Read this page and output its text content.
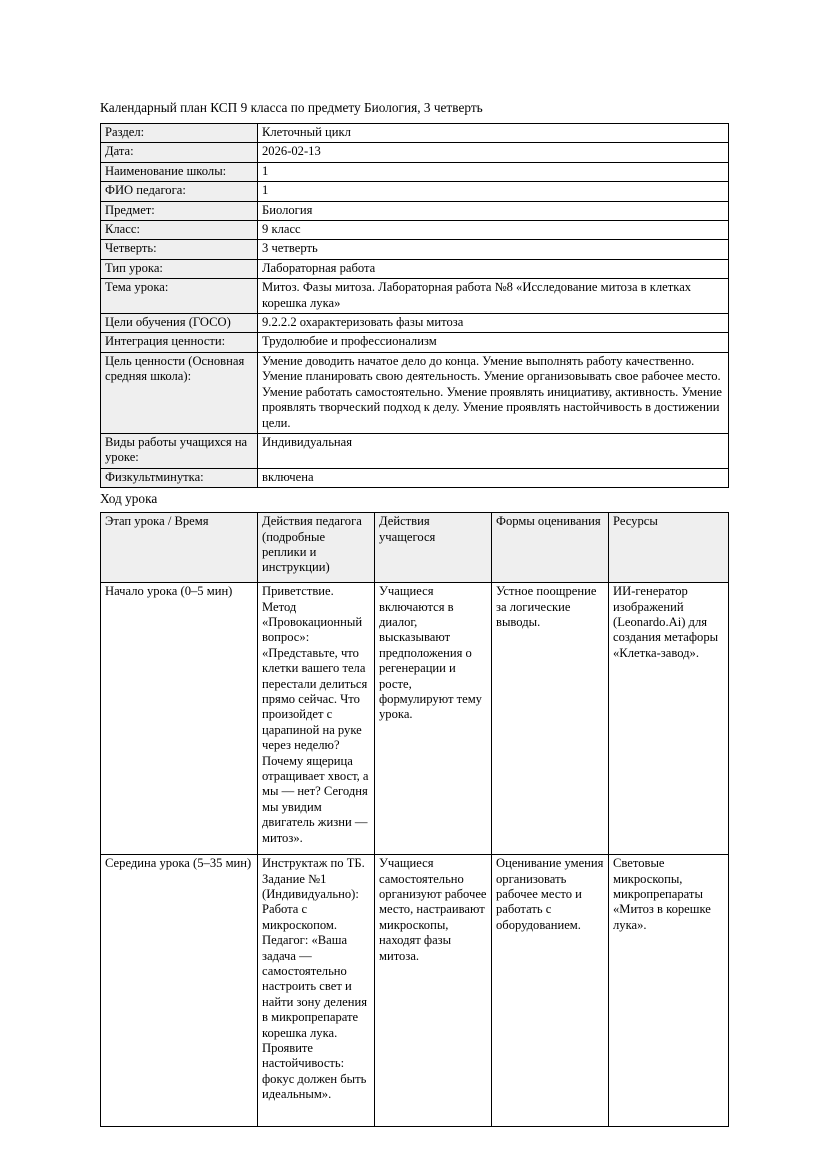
Календарный план КСП 9 класса по предмету Биология, 3 четверть

Раздел:	Клеточный цикл
Дата:	2026-02-13
Наименование школы:	1
ФИО педагога:	1
Предмет:	Биология
Класс:	9 класс
Четверть:	3 четверть
Тип урока:	Лабораторная работа
Тема урока:	Митоз. Фазы митоза. Лабораторная работа №8 «Исследование митоза в клетках корешка лука»
Цели обучения (ГОСО)	9.2.2.2 охарактеризовать фазы митоза
Интеграция ценности:	Трудолюбие и профессионализм
Цель ценности (Основная средняя школа):	Умение доводить начатое дело до конца. Умение выполнять работу качественно. Умение планировать свою деятельность. Умение организовывать свое рабочее место. Умение работать самостоятельно. Умение проявлять инициативу, активность. Умение проявлять творческий подход к делу. Умение проявлять настойчивость в достижении цели.
Виды работы учащихся на уроке:	Индивидуальная
Физкультминутка:	включена

Ход урока

Этап урока / Время	Действия педагога (подробные реплики и инструкции)	Действия учащегося	Формы оценивания	Ресурсы
Начало урока (0–5 мин)	Приветствие. Метод «Провокационный вопрос»: «Представьте, что клетки вашего тела перестали делиться прямо сейчас. Что произойдет с царапиной на руке через неделю? Почему ящерица отращивает хвост, а мы — нет? Сегодня мы увидим двигатель жизни — митоз».	Учащиеся включаются в диалог, высказывают предположения о регенерации и росте, формулируют тему урока.	Устное поощрение за логические выводы.	ИИ-генератор изображений (Leonardo.Ai) для создания метафоры «Клетка-завод».
Середина урока (5–35 мин)	Инструктаж по ТБ. Задание №1 (Индивидуально): Работа с микроскопом. Педагог: «Ваша задача — самостоятельно настроить свет и найти зону деления в микропрепарате корешка лука. Проявите настойчивость: фокус должен быть идеальным».	Учащиеся самостоятельно организуют рабочее место, настраивают микроскопы, находят фазы митоза.	Оценивание умения организовать рабочее место и работать с оборудованием.	Световые микроскопы, микропрепараты «Митоз в корешке лука».
